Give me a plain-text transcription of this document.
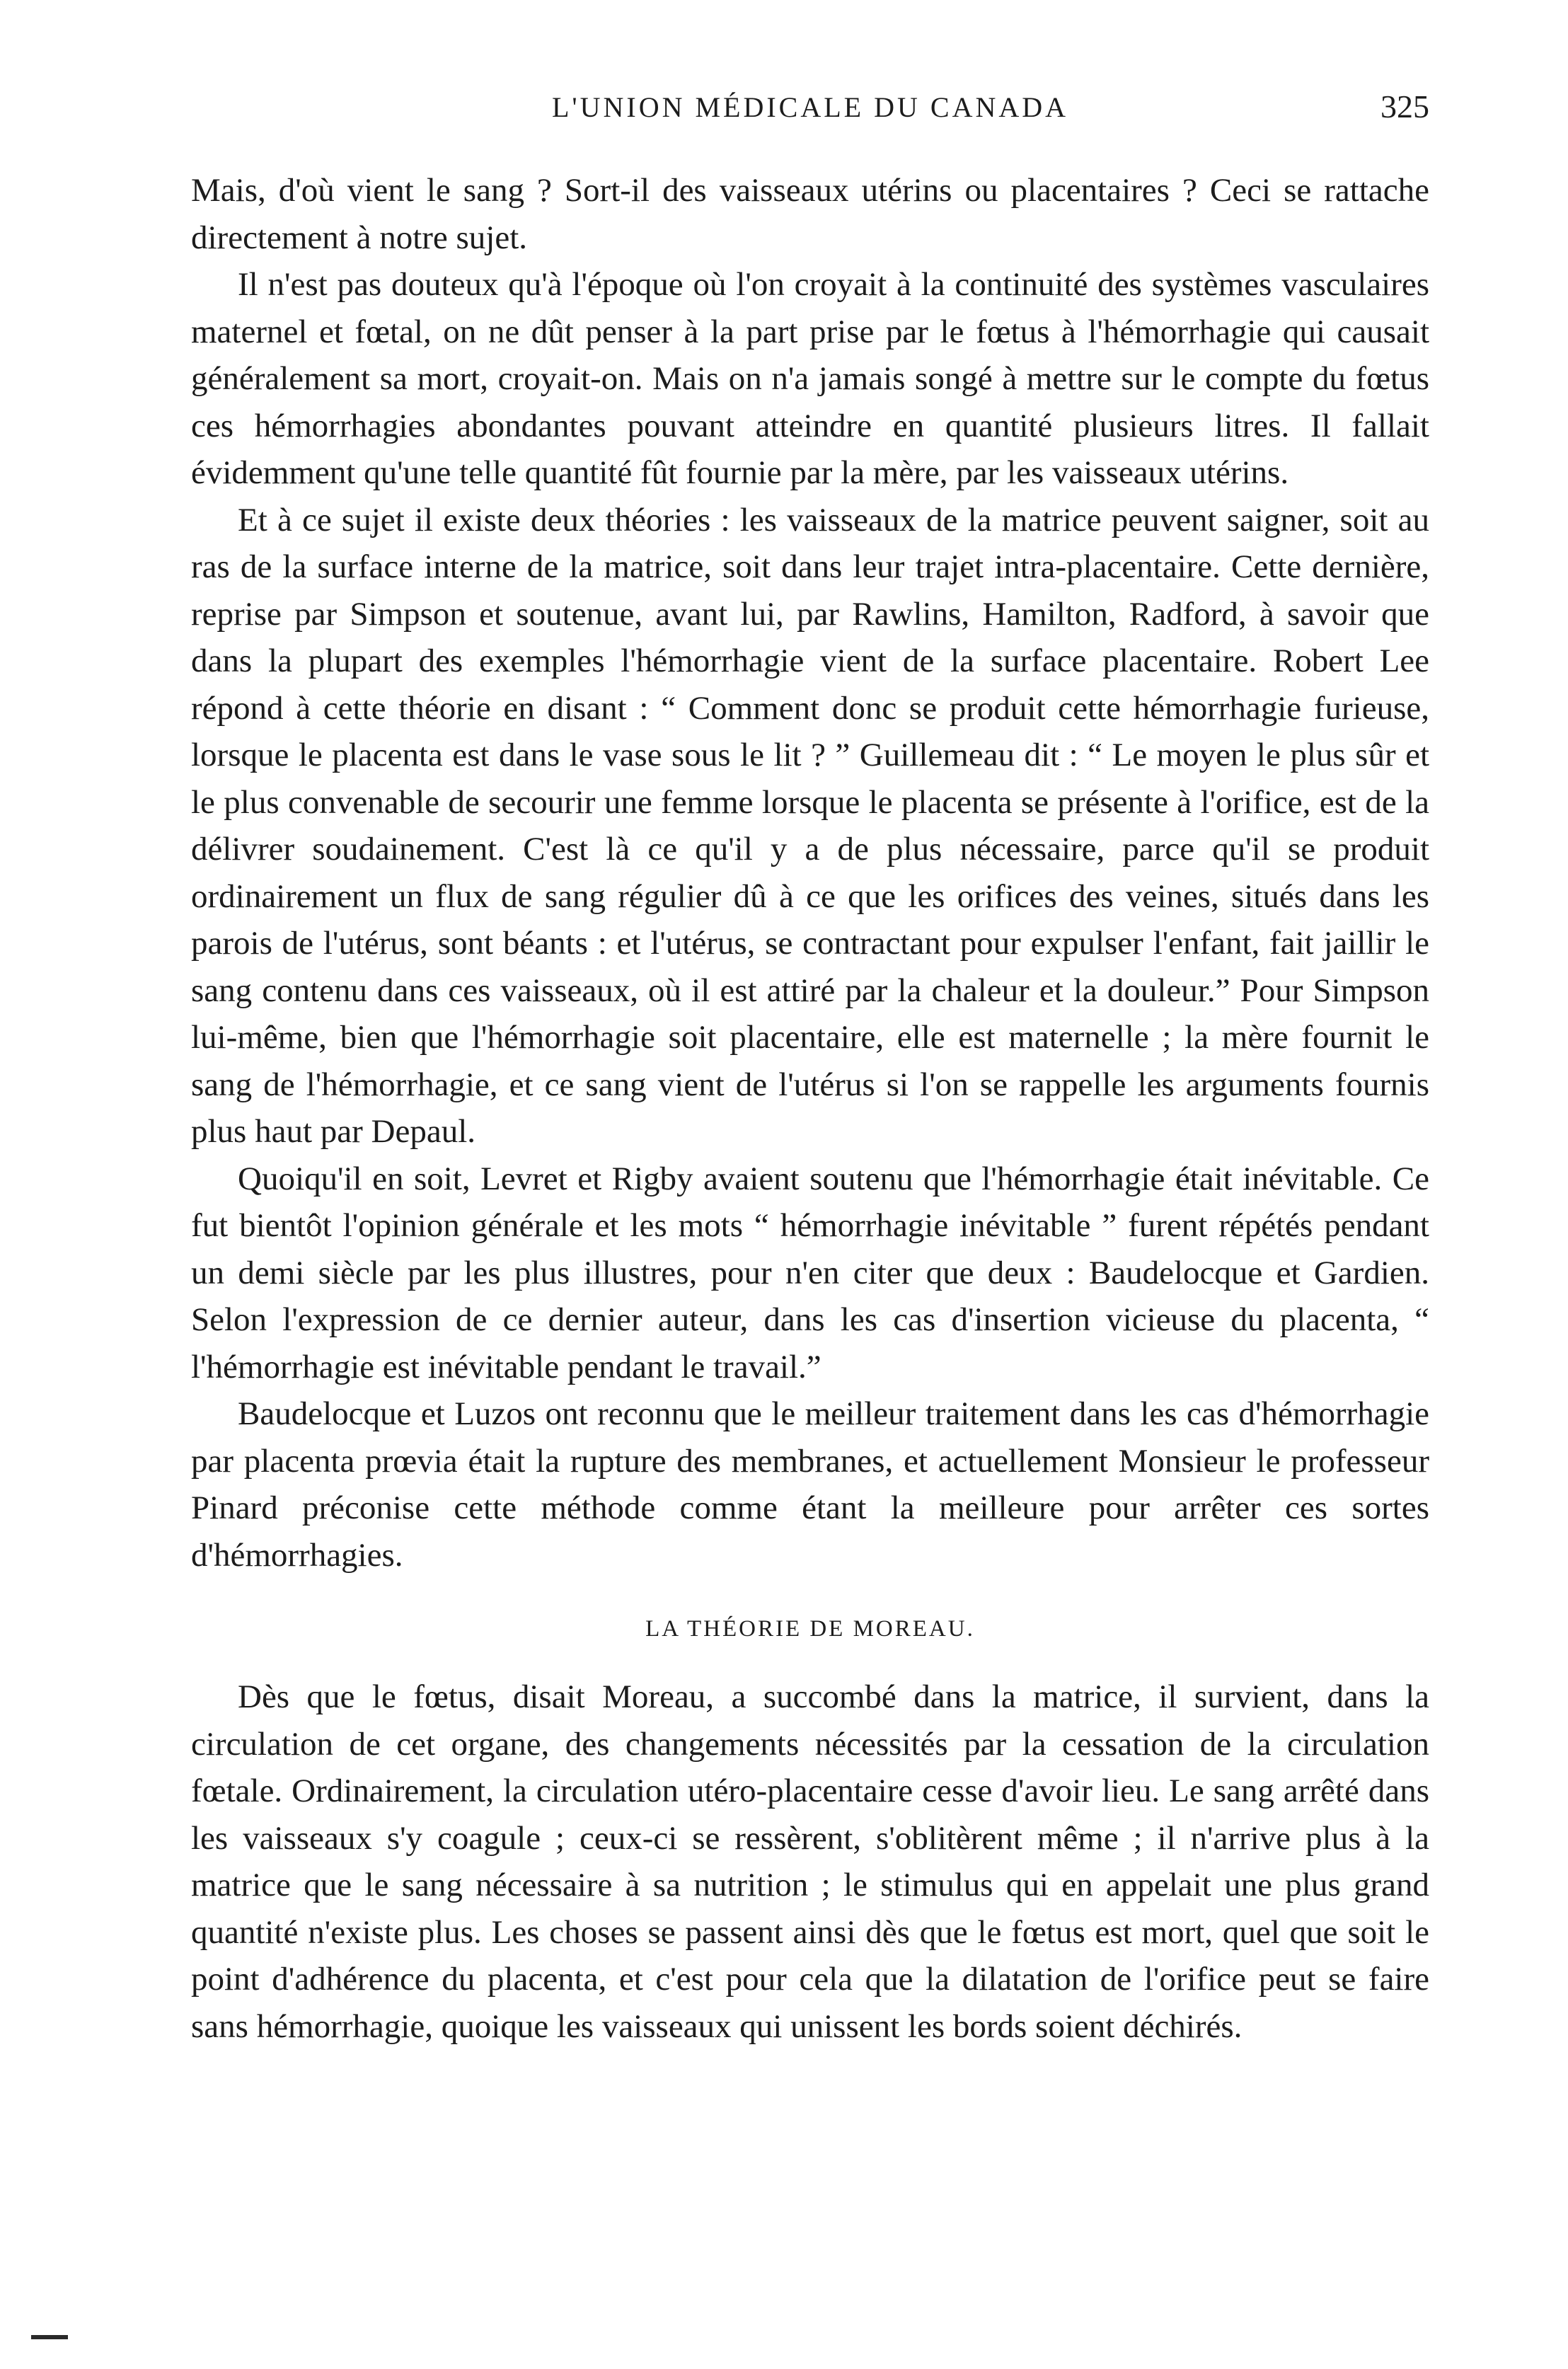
L'UNION MÉDICALE DU CANADA	325

Mais, d'où vient le sang ? Sort-il des vaisseaux utérins ou placentaires ? Ceci se rattache directement à notre sujet.

Il n'est pas douteux qu'à l'époque où l'on croyait à la continuité des systèmes vasculaires maternel et fœtal, on ne dût penser à la part prise par le fœtus à l'hémorrhagie qui causait généralement sa mort, croyait-on. Mais on n'a jamais songé à mettre sur le compte du fœtus ces hémorrhagies abondantes pouvant atteindre en quantité plusieurs litres. Il fallait évidemment qu'une telle quantité fût fournie par la mère, par les vaisseaux utérins.

Et à ce sujet il existe deux théories : les vaisseaux de la matrice peuvent saigner, soit au ras de la surface interne de la matrice, soit dans leur trajet intra-placentaire. Cette dernière, reprise par Simpson et soutenue, avant lui, par Rawlins, Hamilton, Radford, à savoir que dans la plupart des exemples l'hémorrhagie vient de la surface placentaire. Robert Lee répond à cette théorie en disant : “ Comment donc se produit cette hémorrhagie furieuse, lorsque le placenta est dans le vase sous le lit ? ” Guillemeau dit : “ Le moyen le plus sûr et le plus convenable de secourir une femme lorsque le placenta se présente à l'orifice, est de la délivrer soudainement. C'est là ce qu'il y a de plus nécessaire, parce qu'il se produit ordinairement un flux de sang régulier dû à ce que les orifices des veines, situés dans les parois de l'utérus, sont béants : et l'utérus, se contractant pour expulser l'enfant, fait jaillir le sang contenu dans ces vaisseaux, où il est attiré par la chaleur et la douleur.” Pour Simpson lui-même, bien que l'hémorrhagie soit placentaire, elle est maternelle ; la mère fournit le sang de l'hémorrhagie, et ce sang vient de l'utérus si l'on se rappelle les arguments fournis plus haut par Depaul.

Quoiqu'il en soit, Levret et Rigby avaient soutenu que l'hémorrhagie était inévitable. Ce fut bientôt l'opinion générale et les mots “ hémorrhagie inévitable ” furent répétés pendant un demi siècle par les plus illustres, pour n'en citer que deux : Baudelocque et Gardien. Selon l'expression de ce dernier auteur, dans les cas d'insertion vicieuse du placenta, “ l'hémorrhagie est inévitable pendant le travail.”

Baudelocque et Luzos ont reconnu que le meilleur traitement dans les cas d'hémorrhagie par placenta prœvia était la rupture des membranes, et actuellement Monsieur le professeur Pinard préconise cette méthode comme étant la meilleure pour arrêter ces sortes d'hémorrhagies.

LA THÉORIE DE MOREAU.

Dès que le fœtus, disait Moreau, a succombé dans la matrice, il survient, dans la circulation de cet organe, des changements nécessités par la cessation de la circulation fœtale. Ordinairement, la circulation utéro-placentaire cesse d'avoir lieu. Le sang arrêté dans les vaisseaux s'y coagule ; ceux-ci se ressèrent, s'oblitèrent même ; il n'arrive plus à la matrice que le sang nécessaire à sa nutrition ; le stimulus qui en appelait une plus grand quantité n'existe plus. Les choses se passent ainsi dès que le fœtus est mort, quel que soit le point d'adhérence du placenta, et c'est pour cela que la dilatation de l'orifice peut se faire sans hémorrhagie, quoique les vaisseaux qui unissent les bords soient déchirés.
